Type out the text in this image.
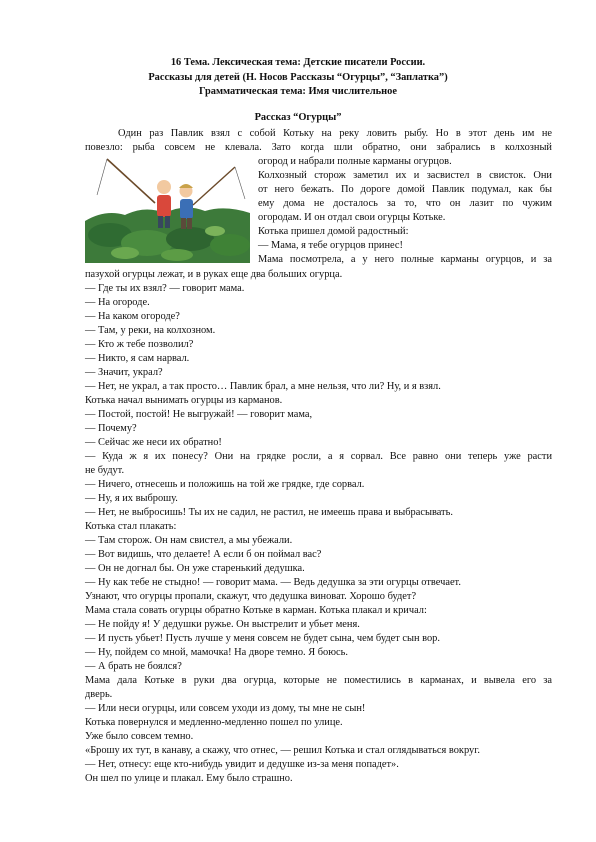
16 Тема. Лексическая тема: Детские писатели России.
Рассказы для детей (Н. Носов Рассказы “Огурцы”, “Заплатка”)
Грамматическая тема: Имя числительное
Рассказ “Огурцы”
Один раз Павлик взял с собой Котьку на реку ловить рыбу. Но в этот день им не
повезло: рыба совсем не клевала. Зато когда шли обратно, они забрались в колхозный
огород и набрали полные карманы огурцов.
Колхозный сторож заметил их и засвистел в свисток. Они
от него бежать. По дороге домой Павлик подумал, как бы
ему дома не досталось за то, что он лазит по чужим
огородам. И он отдал свои огурцы Котьке.
Котька пришел домой радостный:
— Мама, я тебе огурцов принес!
Мама посмотрела, а у него полные карманы огурцов, и за
пазухой огурцы лежат, и в руках еще два больших огурца.
— Где ты их взял? — говорит мама.
— На огороде.
— На каком огороде?
— Там, у реки, на колхозном.
— Кто ж тебе позволил?
— Никто, я сам нарвал.
— Значит, украл?
— Нет, не украл, а так просто… Павлик брал, а мне нельзя, что ли? Ну, и я взял.
Котька начал вынимать огурцы из карманов.
— Постой, постой! Не выгружай! — говорит мама,
— Почему?
— Сейчас же неси их обратно!
— Куда ж я их понесу? Они на грядке росли, а я сорвал. Все равно они теперь уже расти
не будут.
— Ничего, отнесешь и положишь на той же грядке, где сорвал.
— Ну, я их выброшу.
— Нет, не выбросишь! Ты их не садил, не растил, не имеешь права и выбрасывать.
Котька стал плакать:
— Там сторож. Он нам свистел, а мы убежали.
— Вот видишь, что делаете! А если б он поймал вас?
— Он не догнал бы. Он уже старенький дедушка.
— Ну как тебе не стыдно! — говорит мама. — Ведь дедушка за эти огурцы отвечает.
Узнают, что огурцы пропали, скажут, что дедушка виноват. Хорошо будет?
Мама стала совать огурцы обратно Котьке в карман. Котька плакал и кричал:
— Не пойду я! У дедушки ружье. Он выстрелит и убьет меня.
— И пусть убьет! Пусть лучше у меня совсем не будет сына, чем будет сын вор.
— Ну, пойдем со мной, мамочка! На дворе темно. Я боюсь.
— А брать не боялся?
Мама дала Котьке в руки два огурца, которые не поместились в карманах, и вывела его за
дверь.
— Или неси огурцы, или совсем уходи из дому, ты мне не сын!
Котька повернулся и медленно-медленно пошел по улице.
Уже было совсем темно.
«Брошу их тут, в канаву, а скажу, что отнес, — решил Котька и стал оглядываться вокруг.
— Нет, отнесу: еще кто-нибудь увидит и дедушке из-за меня попадет».
Он шел по улице и плакал. Ему было страшно.
